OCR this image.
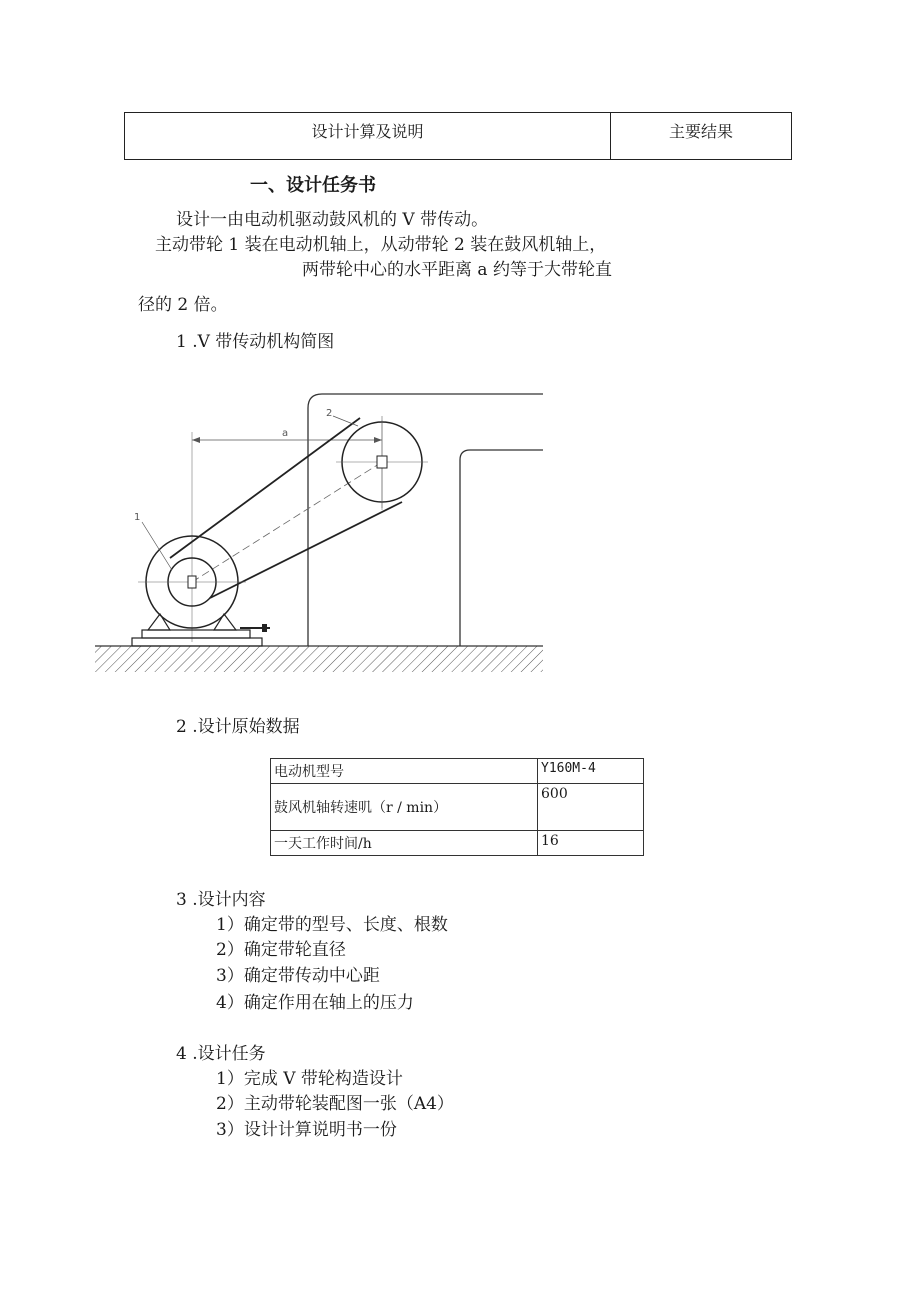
设计计算及说明	主要结果
一、设计任务书
设计一由电动机驱动鼓风机的 V 带传动。
主动带轮 1 装在电动机轴上，从动带轮 2 装在鼓风机轴上，
两带轮中心的水平距离 a 约等于大带轮直
径的 2 倍。
1 .V 带传动机构简图
a
1
2
2 .设计原始数据
电动机型号	Y160M-4
鼓风机轴转速叽（r / min）	600
一天工作时间/h	16
3 .设计内容
1）确定带的型号、长度、根数
2）确定带轮直径
3）确定带传动中心距
4）确定作用在轴上的压力
4 .设计任务
1）完成 V 带轮构造设计
2）主动带轮装配图一张（A4）
3）设计计算说明书一份
